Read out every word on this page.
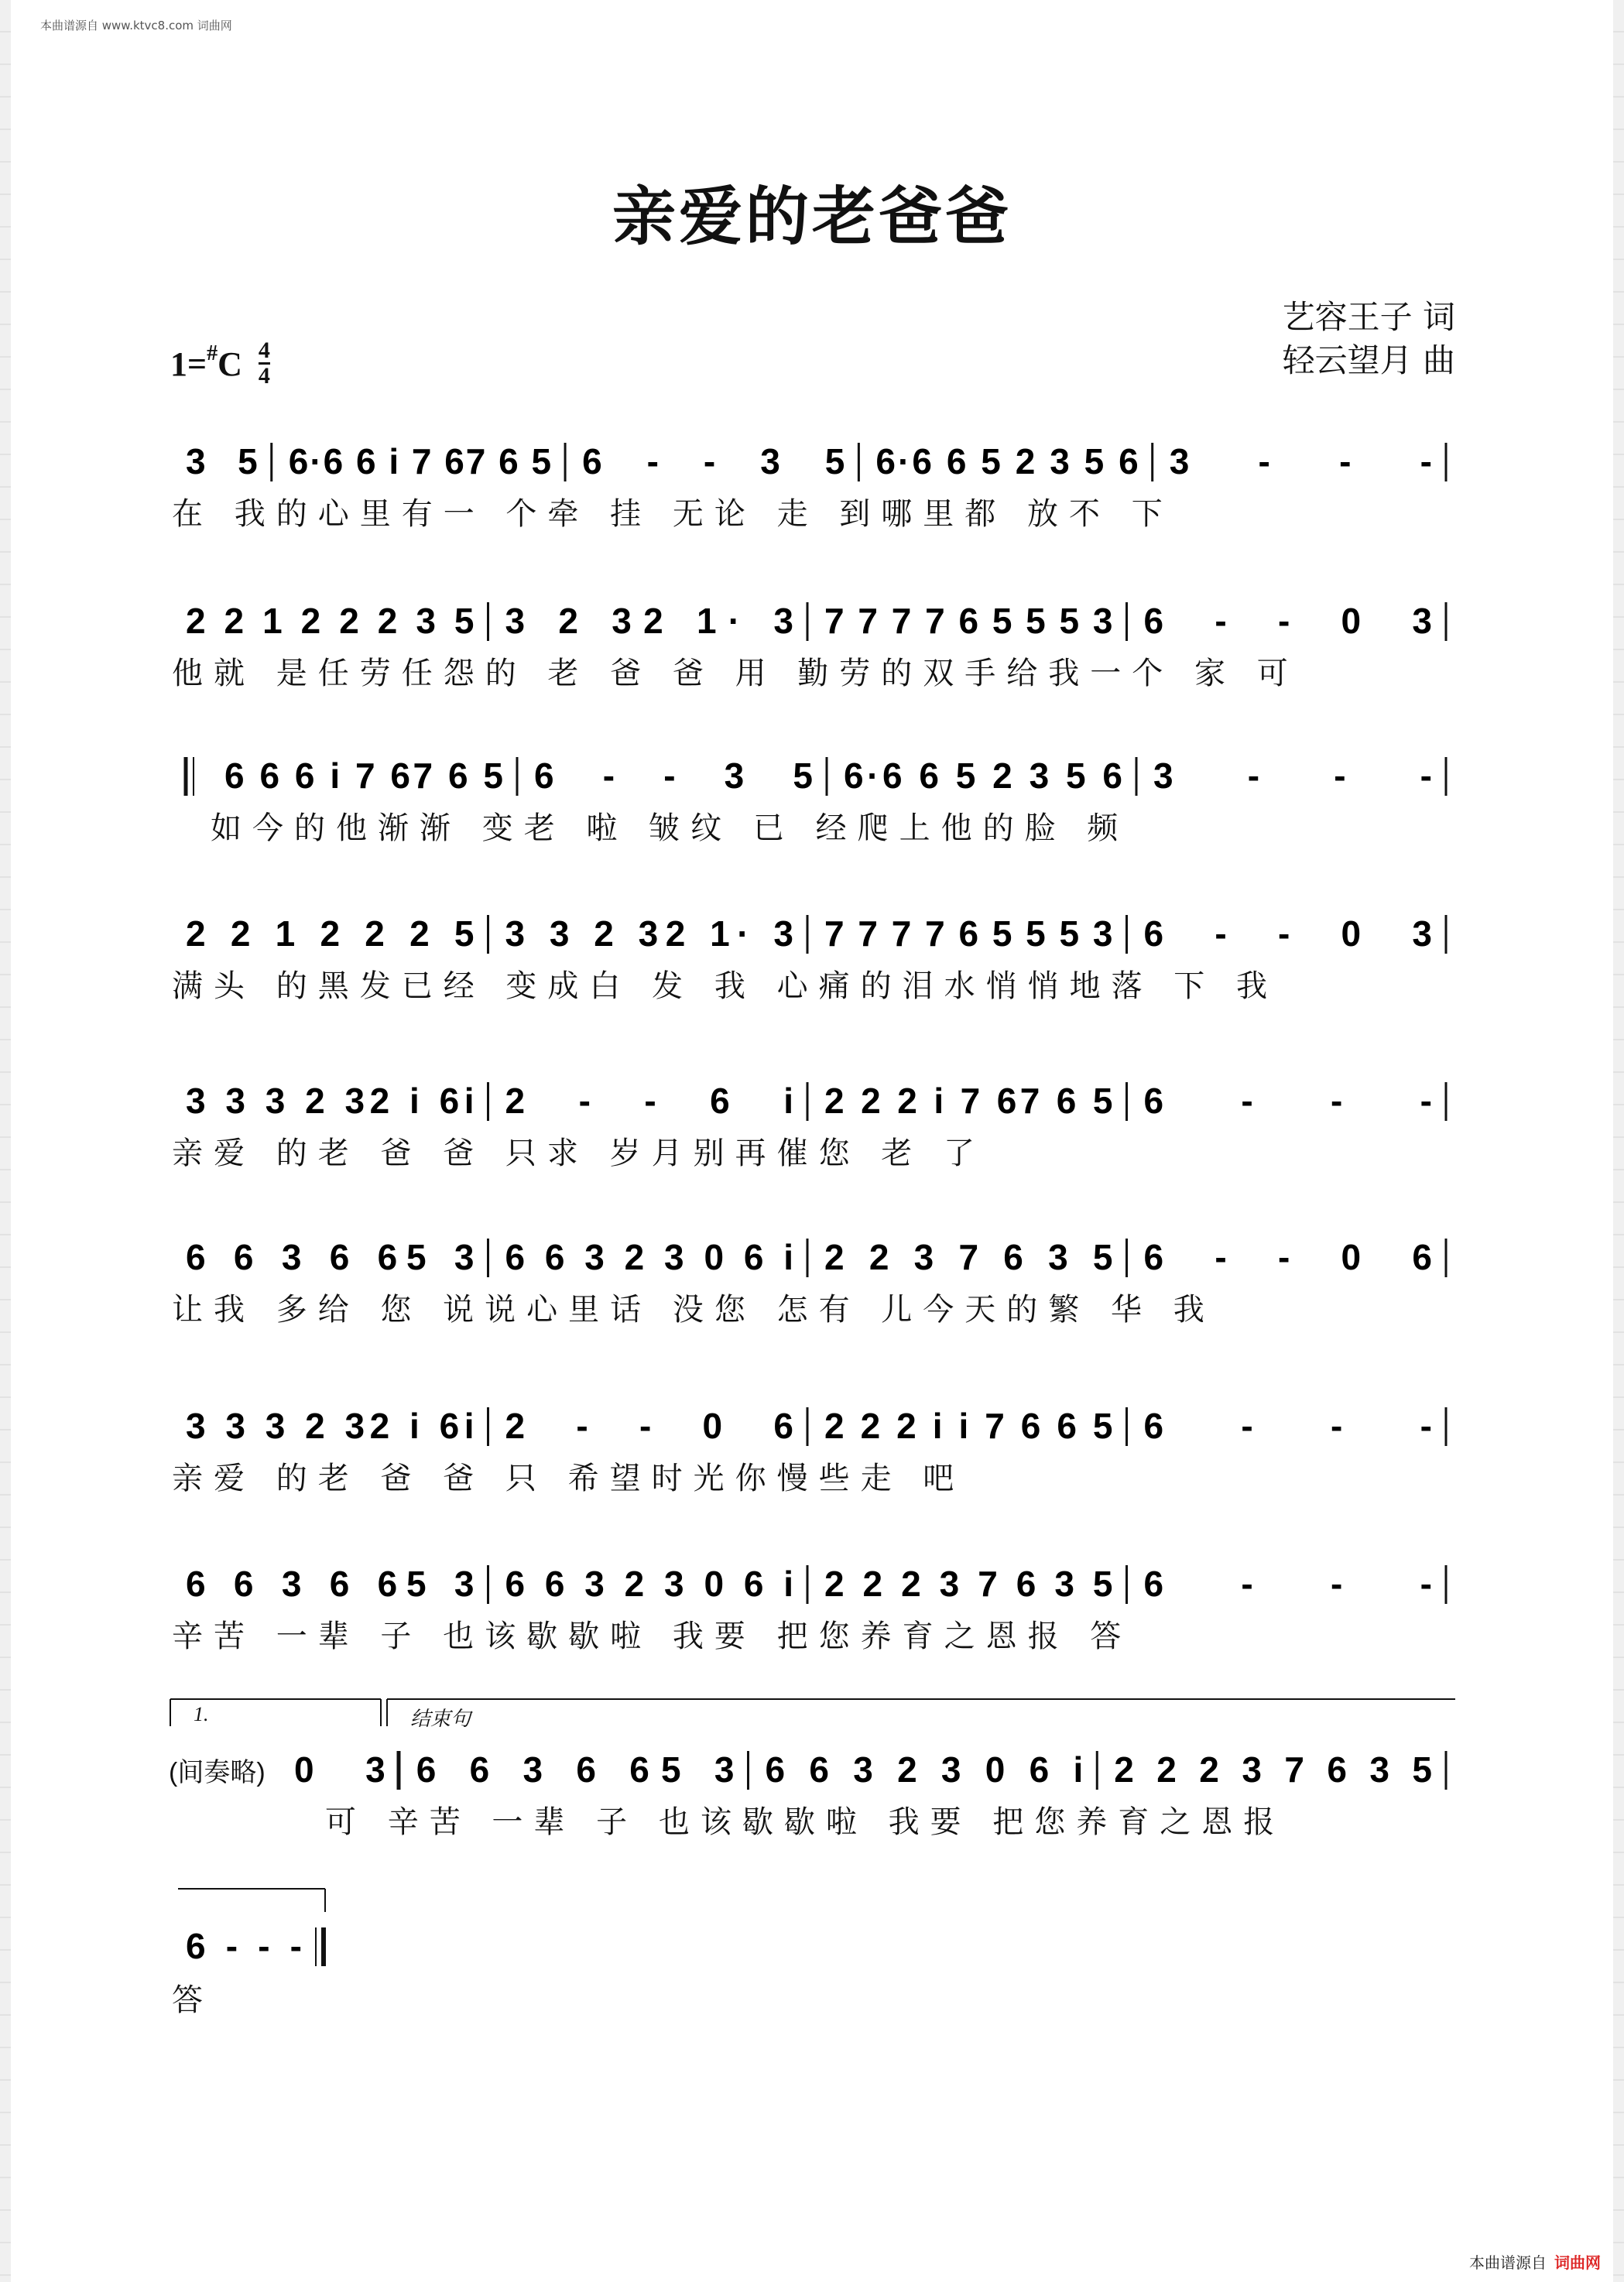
本曲谱源自 www.ktvc8.com 词曲网
亲爱的老爸爸
艺容王子 词
轻云望月 曲
$1=^{\#}C \frac{4}{4}$
3 5 6·6 6 i 7 67 6 5 6 - - 3 5 6·6 6 5 2 3 5 6 3 - - -
2 2 1 2 2 2 3 5 3 2 32 1· 3 7 7 7 7 6 5 5 5 3 6 - - 0 3
6 6 6 i 7 67 6 5 6 - - 3 5 6·6 6 5 2 3 5 6 3 - - -
2 2 1 2 2 2 5 3 3 2 32 1· 3 7 7 7 7 6 5 5 5 3 6 - - 0 3
3 3 3 2 32 i 6i 2 - - 6 i 2 2 2 i 7 67 6 5 6 - - -
6 6 3 6 65 3 6 6 3 2 3 0 6 i 2 2 3 7 6 3 5 6 - - 0 6
3 3 3 2 32 i 6i 2 - - 0 6 2 2 2 i i 7 6 6 5 6 - - -
6 6 3 6 65 3 6 6 3 2 3 0 6 i 2 2 2 3 7 6 3 5 6 - - -
0 3 6 6 3 6 65 3 6 6 3 2 3 0 6 i 2 2 2 3 7 6 3 5
6 - - -
在 我的心里有一 个牵 挂 无论 走 到哪里都 放不 下
他就 是任劳任怨的 老 爸 爸 用 勤劳的双手给我一个 家 可
如今的他渐渐 变老 啦 皱纹 已 经爬上他的脸 频
满头 的黑发已经 变成白 发 我 心痛的泪水悄悄地落 下 我
亲爱 的老 爸 爸 只求 岁月别再催您 老 了
让我 多给 您 说说心里话 没您 怎有 儿今天的繁 华 我
亲爱 的老 爸 爸 只 希望时光你慢些走 吧
辛苦 一辈 子 也该歇歇啦 我要 把您养育之恩报 答
可 辛苦 一辈 子 也该歇歇啦 我要 把您养育之恩报
答
(间奏略)
1.	结束句
本曲谱源自 词曲网
